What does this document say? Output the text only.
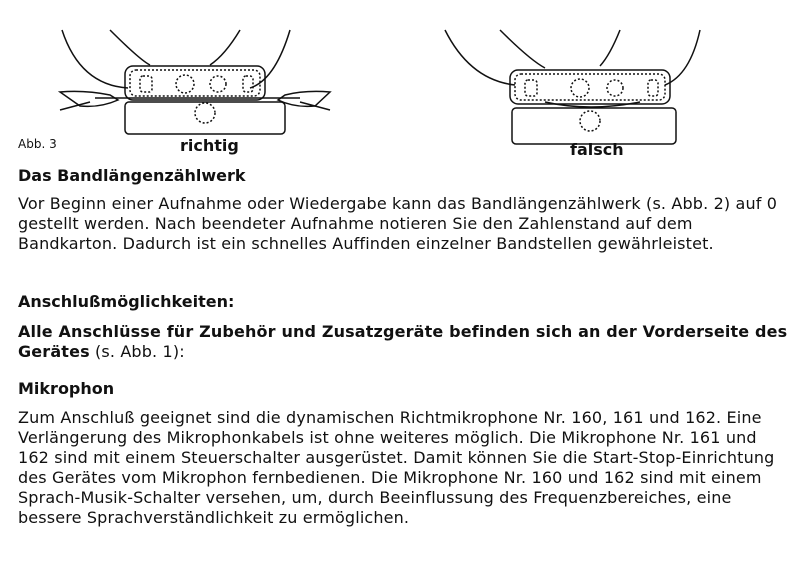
Abb. 3	richtig	falsch
Das Bandlängenzählwerk
Vor Beginn einer Aufnahme oder Wiedergabe kann das Bandlängenzählwerk (s. Abb. 2) auf 0 gestellt werden. Nach beendeter Aufnahme notieren Sie den Zahlenstand auf dem Bandkarton. Dadurch ist ein schnelles Auffinden einzelner Bandstellen gewährleistet.
Anschlußmöglichkeiten:
Alle Anschlüsse für Zubehör und Zusatzgeräte befinden sich an der Vorderseite des Gerätes (s. Abb. 1):
Mikrophon
Zum Anschluß geeignet sind die dynamischen Richtmikrophone Nr. 160, 161 und 162. Eine Verlängerung des Mikrophonkabels ist ohne weiteres möglich. Die Mikrophone Nr. 161 und 162 sind mit einem Steuerschalter ausgerüstet. Damit können Sie die Start-Stop-Einrichtung des Gerätes vom Mikrophon fernbedienen. Die Mikrophone Nr. 160 und 162 sind mit einem Sprach-Musik-Schalter versehen, um, durch Beeinflussung des Frequenzbereiches, eine bessere Sprachverständlichkeit zu ermöglichen.
